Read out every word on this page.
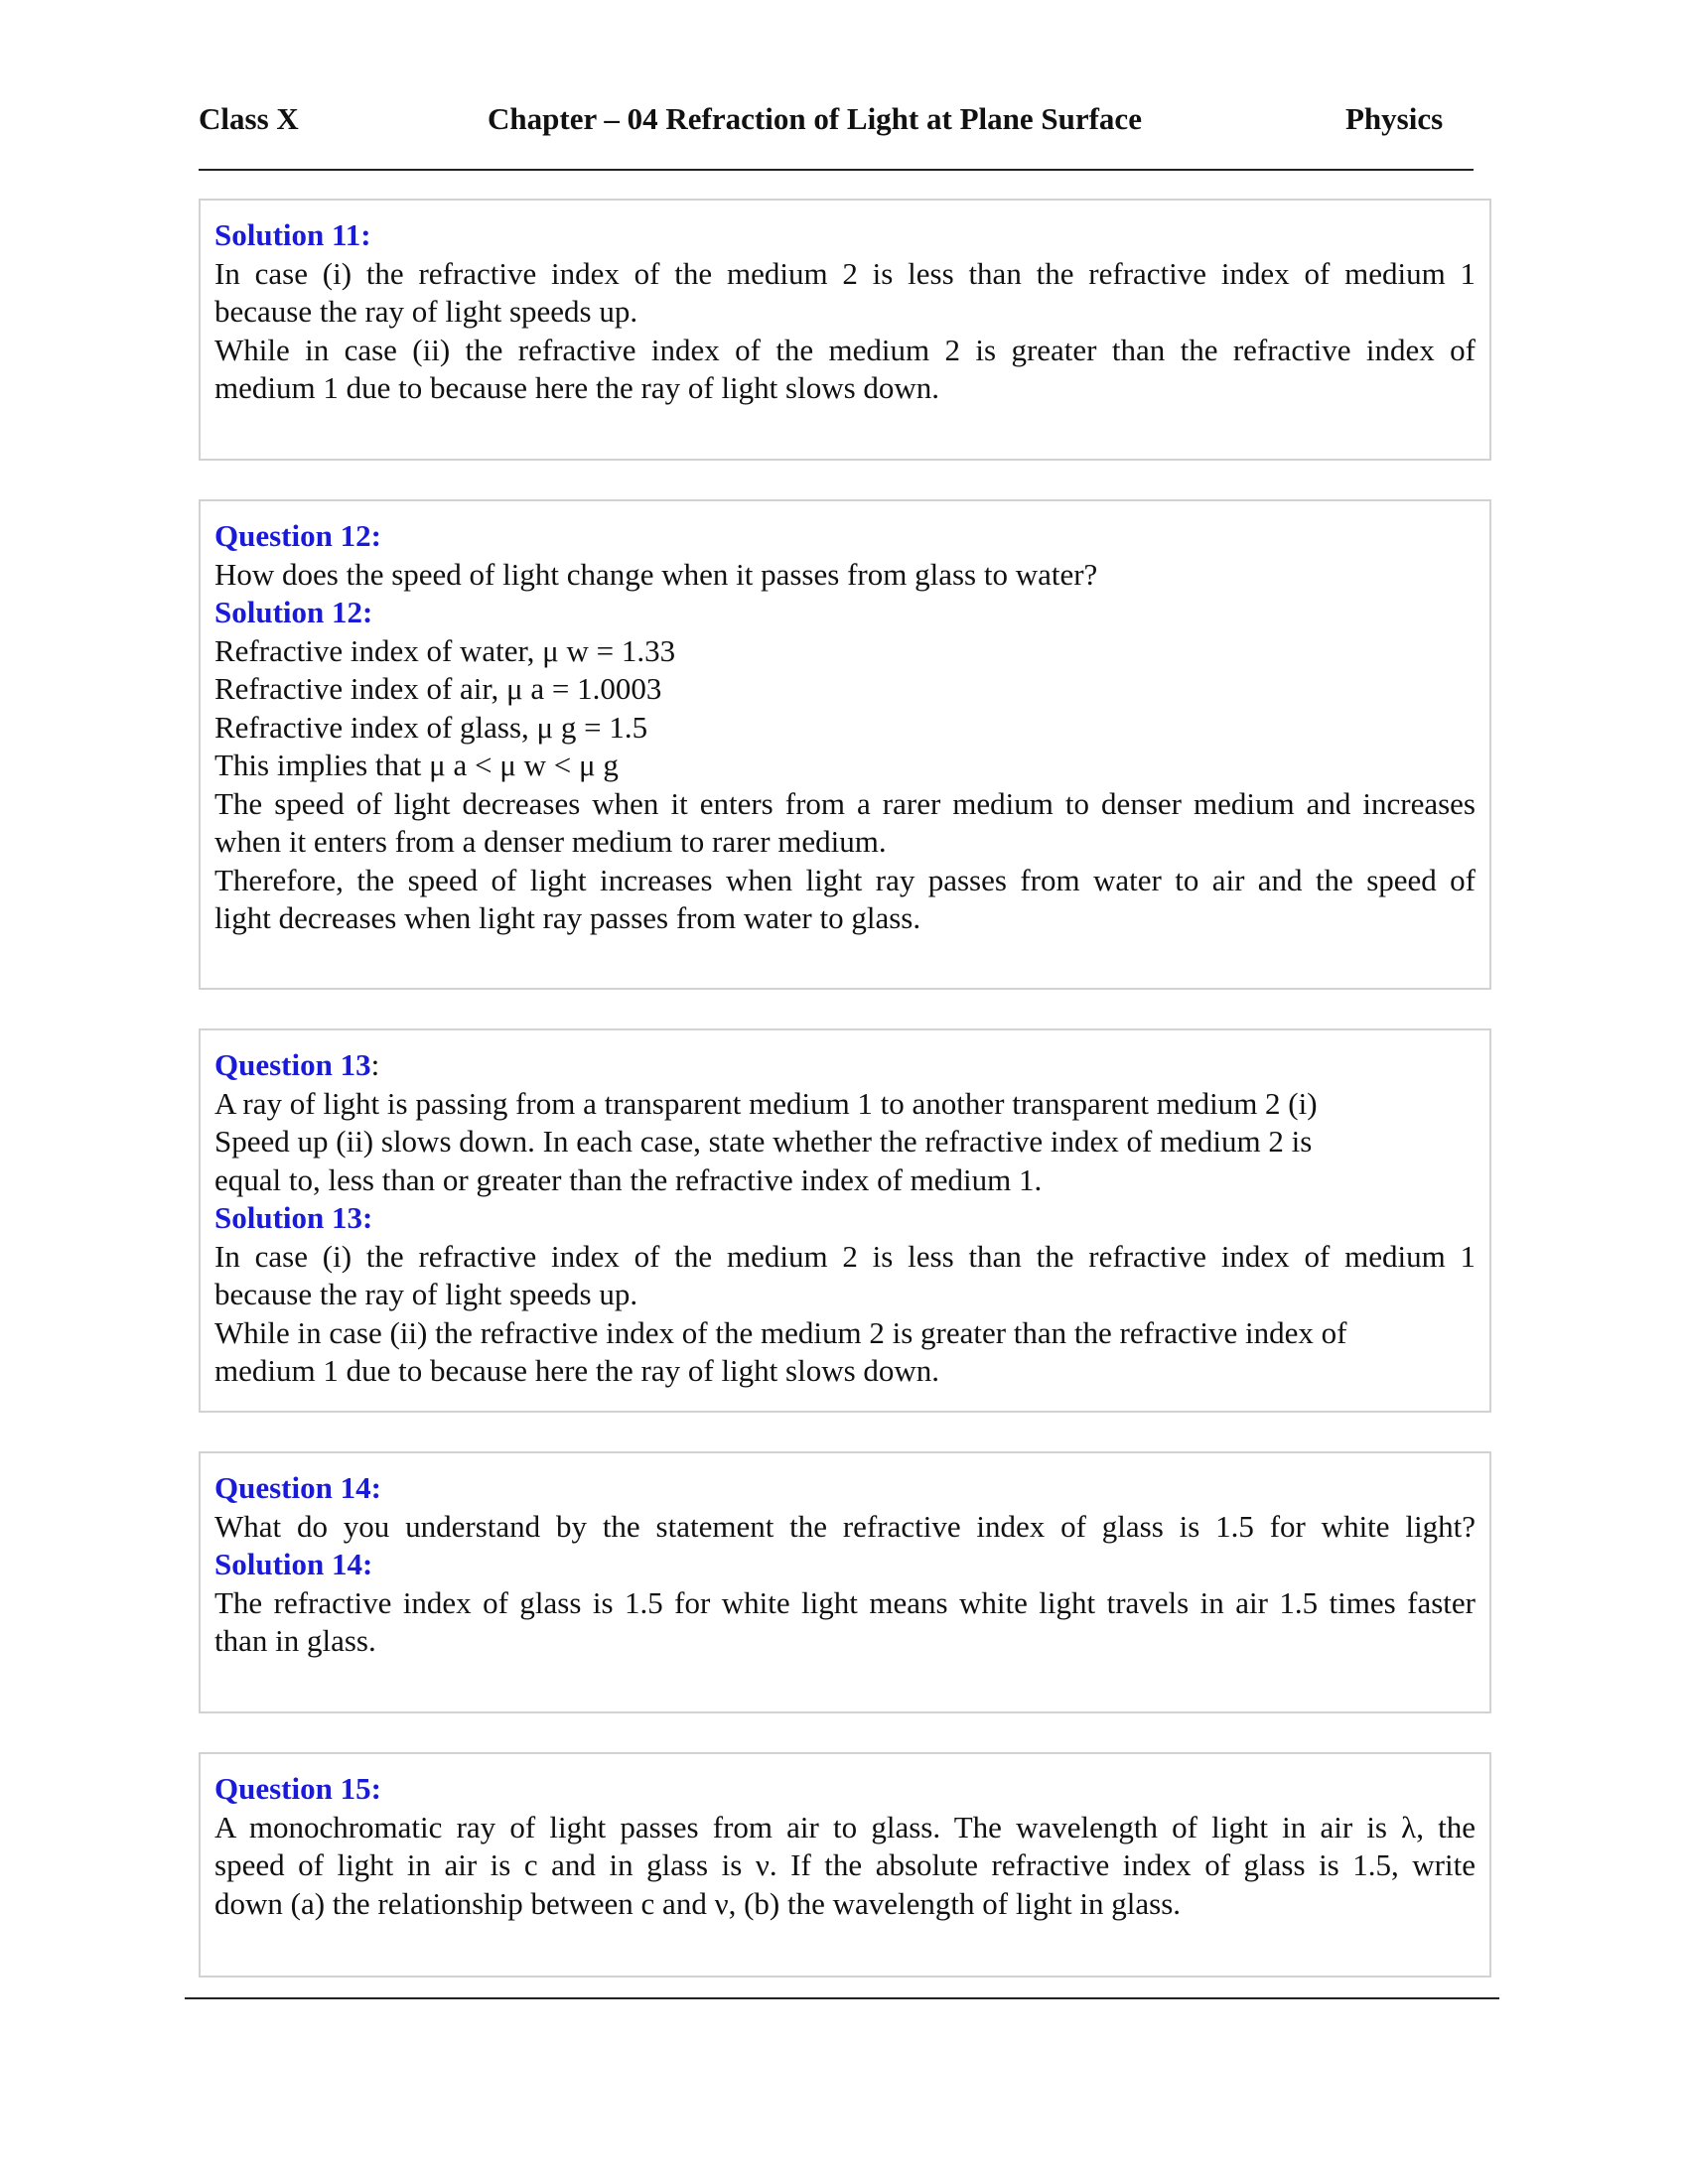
Class X	Chapter – 04 Refraction of Light at Plane Surface	Physics
Solution 11:
In case (i) the refractive index of the medium 2 is less than the refractive index of medium 1
because the ray of light speeds up.
While in case (ii) the refractive index of the medium 2 is greater than the refractive index of
medium 1 due to because here the ray of light slows down.
Question 12:
How does the speed of light change when it passes from glass to water?
Solution 12:
Refractive index of water, μ w = 1.33
Refractive index of air, μ a = 1.0003
Refractive index of glass, μ g = 1.5
This implies that μ a < μ w < μ g
The speed of light decreases when it enters from a rarer medium to denser medium and increases
when it enters from a denser medium to rarer medium.
Therefore, the speed of light increases when light ray passes from water to air and the speed of
light decreases when light ray passes from water to glass.
Question 13:
A ray of light is passing from a transparent medium 1 to another transparent medium 2 (i)
Speed up (ii) slows down. In each case, state whether the refractive index of medium 2 is
equal to, less than or greater than the refractive index of medium 1.
Solution 13:
In case (i) the refractive index of the medium 2 is less than the refractive index of medium 1
because the ray of light speeds up.
While in case (ii) the refractive index of the medium 2 is greater than the refractive index of
medium 1 due to because here the ray of light slows down.
Question 14:
What do you understand by the statement the refractive index of glass is 1.5 for white light?
Solution 14:
The refractive index of glass is 1.5 for white light means white light travels in air 1.5 times faster
than in glass.
Question 15:
A monochromatic ray of light passes from air to glass. The wavelength of light in air is λ, the
speed of light in air is c and in glass is ν. If the absolute refractive index of glass is 1.5, write
down (a) the relationship between c and ν, (b) the wavelength of light in glass.
